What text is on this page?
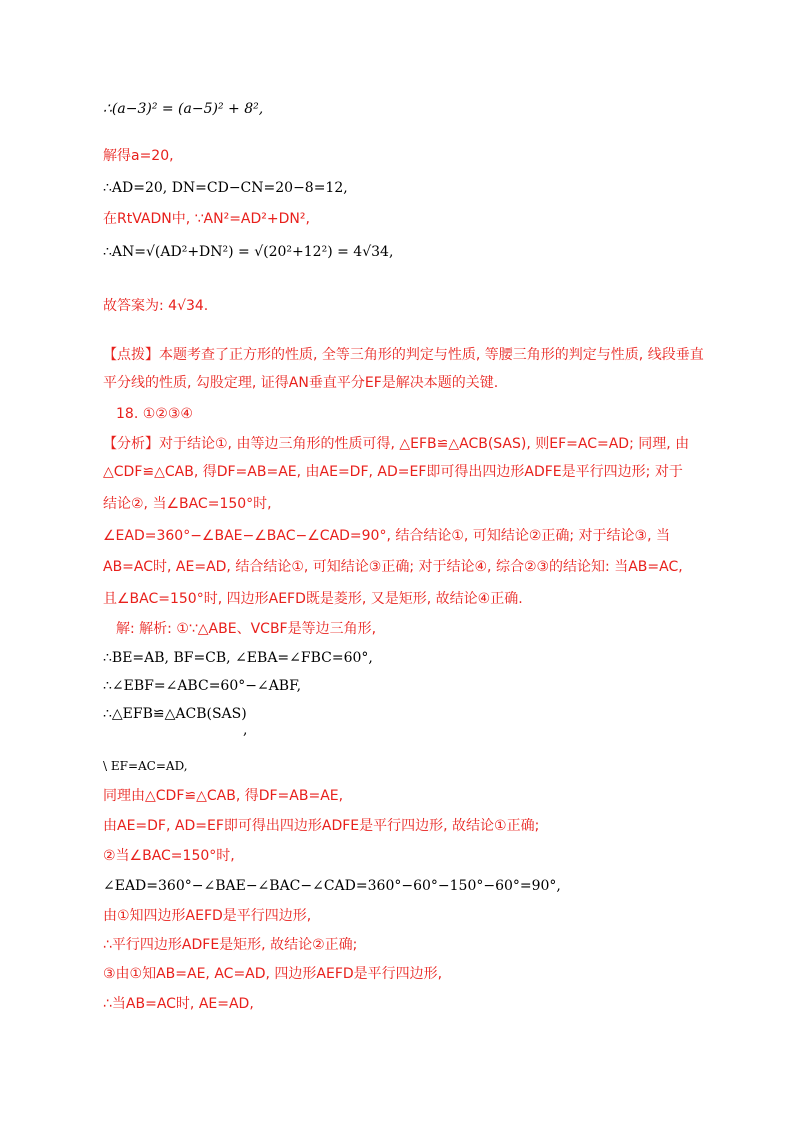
∴(a−3)² = (a−5)² + 8²,
解得a=20,
∴AD=20, DN=CD−CN=20−8=12,
在RtVADN中, ∵AN²=AD²+DN²,
∴AN=√(AD²+DN²) = √(20²+12²) = 4√34,
故答案为: 4√34.
【点拨】本题考查了正方形的性质, 全等三角形的判定与性质, 等腰三角形的判定与性质, 线段垂直
平分线的性质, 勾股定理, 证得AN垂直平分EF是解决本题的关键.
18. ①②③④
【分析】对于结论①, 由等边三角形的性质可得, △EFB≌△ACB(SAS), 则EF=AC=AD; 同理, 由
△CDF≌△CAB, 得DF=AB=AE, 由AE=DF, AD=EF即可得出四边形ADFE是平行四边形; 对于
结论②, 当∠BAC=150°时,
∠EAD=360°−∠BAE−∠BAC−∠CAD=90°, 结合结论①, 可知结论②正确; 对于结论③, 当
AB=AC时, AE=AD, 结合结论①, 可知结论③正确; 对于结论④, 综合②③的结论知: 当AB=AC,
且∠BAC=150°时, 四边形AEFD既是菱形, 又是矩形, 故结论④正确.
解: 解析: ①∵△ABE、VCBF是等边三角形,
∴BE=AB, BF=CB, ∠EBA=∠FBC=60°,
∴∠EBF=∠ABC=60°−∠ABF,
∴△EFB≌△ACB(SAS)
,
\ EF=AC=AD,
同理由△CDF≌△CAB, 得DF=AB=AE,
由AE=DF, AD=EF即可得出四边形ADFE是平行四边形, 故结论①正确;
②当∠BAC=150°时,
∠EAD=360°−∠BAE−∠BAC−∠CAD=360°−60°−150°−60°=90°,
由①知四边形AEFD是平行四边形,
∴平行四边形ADFE是矩形, 故结论②正确;
③由①知AB=AE, AC=AD, 四边形AEFD是平行四边形,
∴当AB=AC时, AE=AD,
